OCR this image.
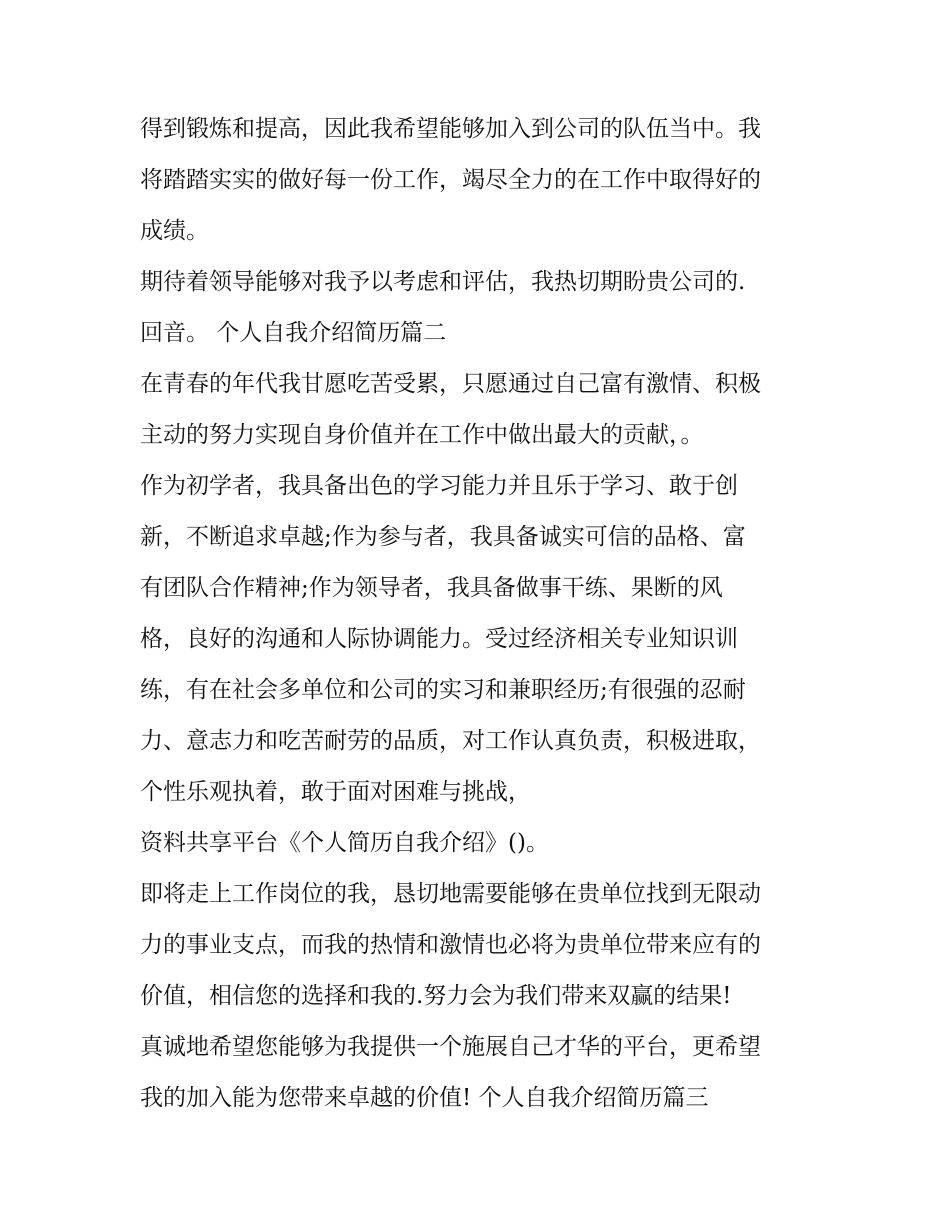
得到锻炼和提高，因此我希望能够加入到公司的队伍当中。我
将踏踏实实的做好每一份工作，竭尽全力的在工作中取得好的
成绩。
期待着领导能够对我予以考虑和评估，我热切期盼贵公司的.
回音。 个人自我介绍简历篇二
在青春的年代我甘愿吃苦受累，只愿通过自己富有激情、积极
主动的努力实现自身价值并在工作中做出最大的贡献，。
作为初学者，我具备出色的学习能力并且乐于学习、敢于创
新，不断追求卓越;作为参与者，我具备诚实可信的品格、富
有团队合作精神;作为领导者，我具备做事干练、果断的风
格，良好的沟通和人际协调能力。受过经济相关专业知识训
练，有在社会多单位和公司的实习和兼职经历;有很强的忍耐
力、意志力和吃苦耐劳的品质，对工作认真负责，积极进取，
个性乐观执着，敢于面对困难与挑战，
资料共享平台《个人简历自我介绍》()。
即将走上工作岗位的我，恳切地需要能够在贵单位找到无限动
力的事业支点，而我的热情和激情也必将为贵单位带来应有的
价值，相信您的选择和我的.努力会为我们带来双赢的结果!
真诚地希望您能够为我提供一个施展自己才华的平台，更希望
我的加入能为您带来卓越的价值! 个人自我介绍简历篇三
